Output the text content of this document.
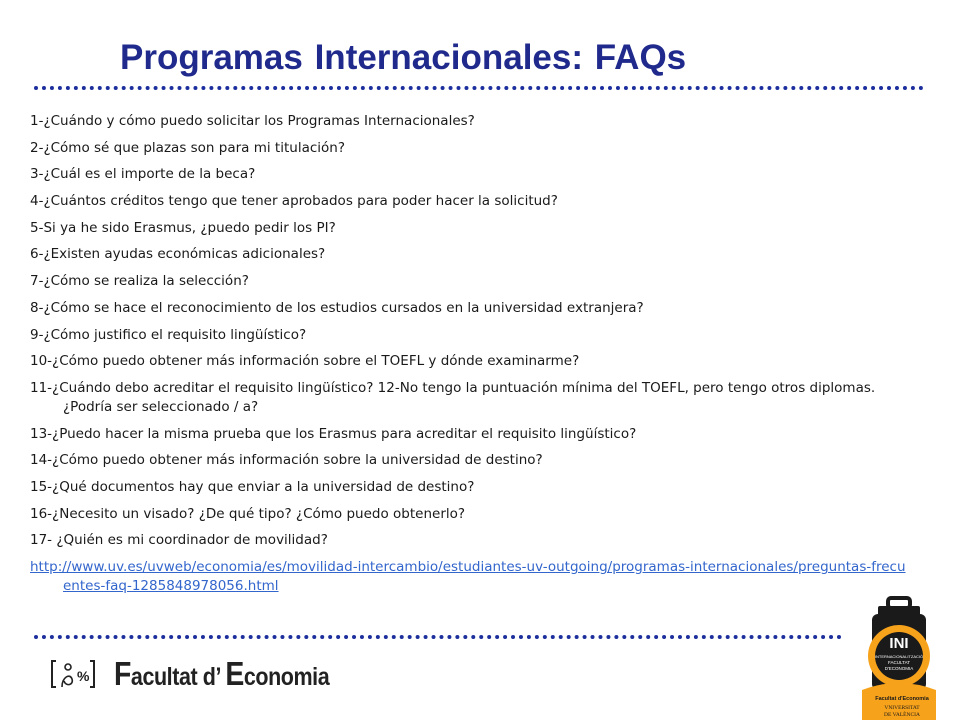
Programas Internacionales: FAQs
1-¿Cuándo y cómo puedo solicitar los Programas Internacionales?
2-¿Cómo sé que plazas son para mi titulación?
3-¿Cuál es el importe de la beca?
4-¿Cuántos créditos tengo que tener aprobados para poder hacer la solicitud?
5-Si ya he sido Erasmus, ¿puedo pedir los PI?
6-¿Existen ayudas económicas adicionales?
7-¿Cómo se realiza la selección?
8-¿Cómo se hace el reconocimiento de los estudios cursados en la universidad extranjera?
9-¿Cómo justifico el requisito lingüístico?
10-¿Cómo puedo obtener más información sobre el TOEFL y dónde examinarme?
11-¿Cuándo debo acreditar el requisito lingüístico? 12-No tengo la puntuación mínima del TOEFL, pero tengo otros diplomas. ¿Podría ser seleccionado / a?
13-¿Puedo hacer la misma prueba que los Erasmus para acreditar el requisito lingüístico?
14-¿Cómo puedo obtener más información sobre la universidad de destino?
15-¿Qué documentos hay que enviar a la universidad de destino?
16-¿Necesito un visado? ¿De qué tipo? ¿Cómo puedo obtenerlo?
17- ¿Quién es mi coordinador de movilidad?
http://www.uv.es/uvweb/economia/es/movilidad-intercambio/estudiantes-uv-outgoing/programas-internacionales/preguntas-frecuentes-faq-1285848978056.html
% Facultat d’ Economia
INI
INTERNACIONALITZACIÓ
FACULTAT
D'ECONOMIA
Facultat d'Economia
VNIVERSITAT
DE VALÈNCIA
